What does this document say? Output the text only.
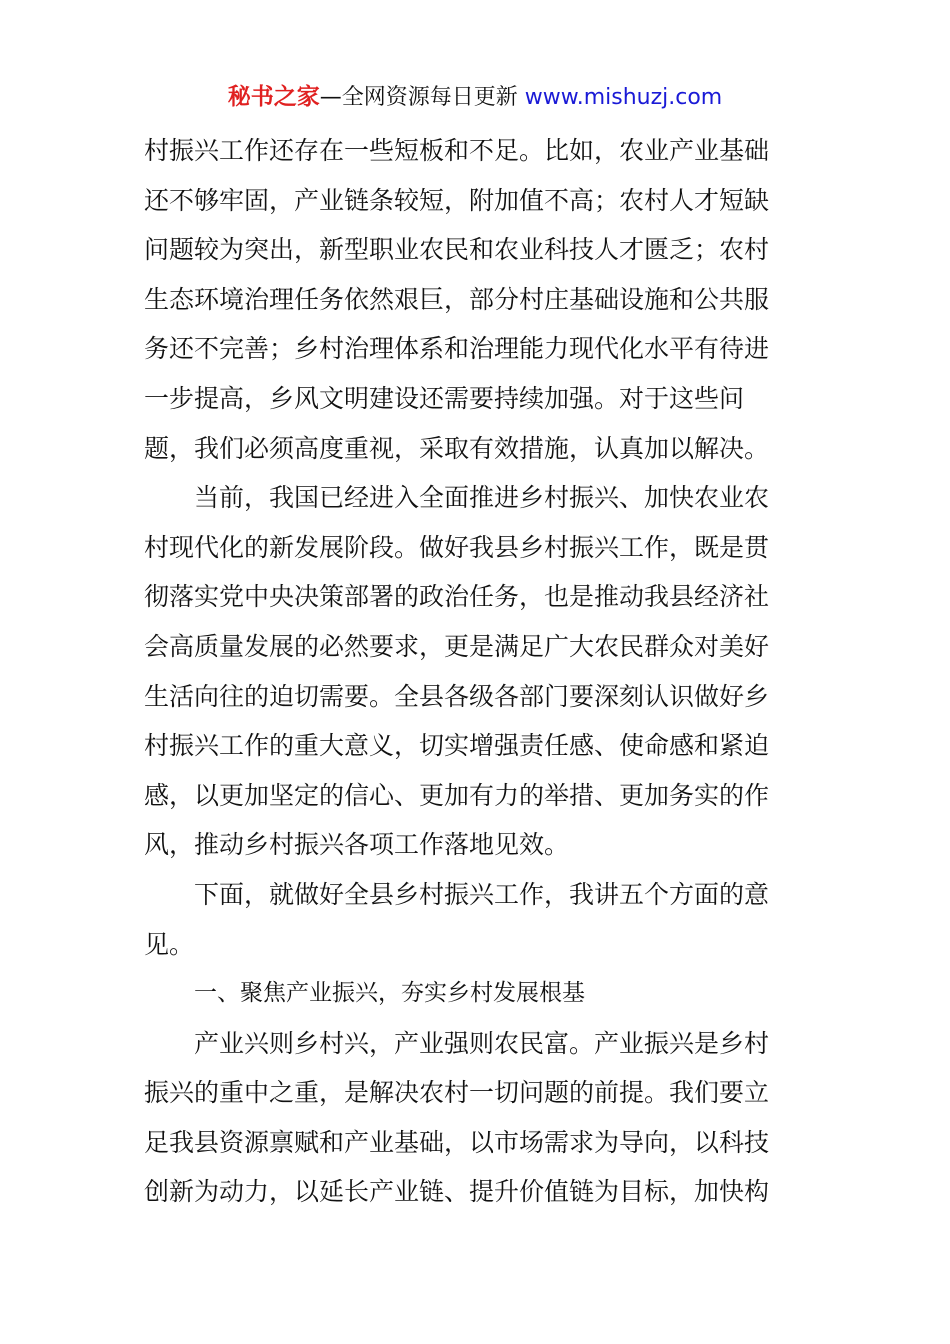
秘书之家—全网资源每日更新 www.mishuzj.com
村振兴工作还存在一些短板和不足。比如，农业产业基础
还不够牢固，产业链条较短，附加值不高；农村人才短缺
问题较为突出，新型职业农民和农业科技人才匮乏；农村
生态环境治理任务依然艰巨，部分村庄基础设施和公共服
务还不完善；乡村治理体系和治理能力现代化水平有待进
一步提高，乡风文明建设还需要持续加强。对于这些问
题，我们必须高度重视，采取有效措施，认真加以解决。
当前，我国已经进入全面推进乡村振兴、加快农业农
村现代化的新发展阶段。做好我县乡村振兴工作，既是贯
彻落实党中央决策部署的政治任务，也是推动我县经济社
会高质量发展的必然要求，更是满足广大农民群众对美好
生活向往的迫切需要。全县各级各部门要深刻认识做好乡
村振兴工作的重大意义，切实增强责任感、使命感和紧迫
感，以更加坚定的信心、更加有力的举措、更加务实的作
风，推动乡村振兴各项工作落地见效。
下面，就做好全县乡村振兴工作，我讲五个方面的意
见。
一、聚焦产业振兴，夯实乡村发展根基
产业兴则乡村兴，产业强则农民富。产业振兴是乡村
振兴的重中之重，是解决农村一切问题的前提。我们要立
足我县资源禀赋和产业基础，以市场需求为导向，以科技
创新为动力，以延长产业链、提升价值链为目标，加快构
